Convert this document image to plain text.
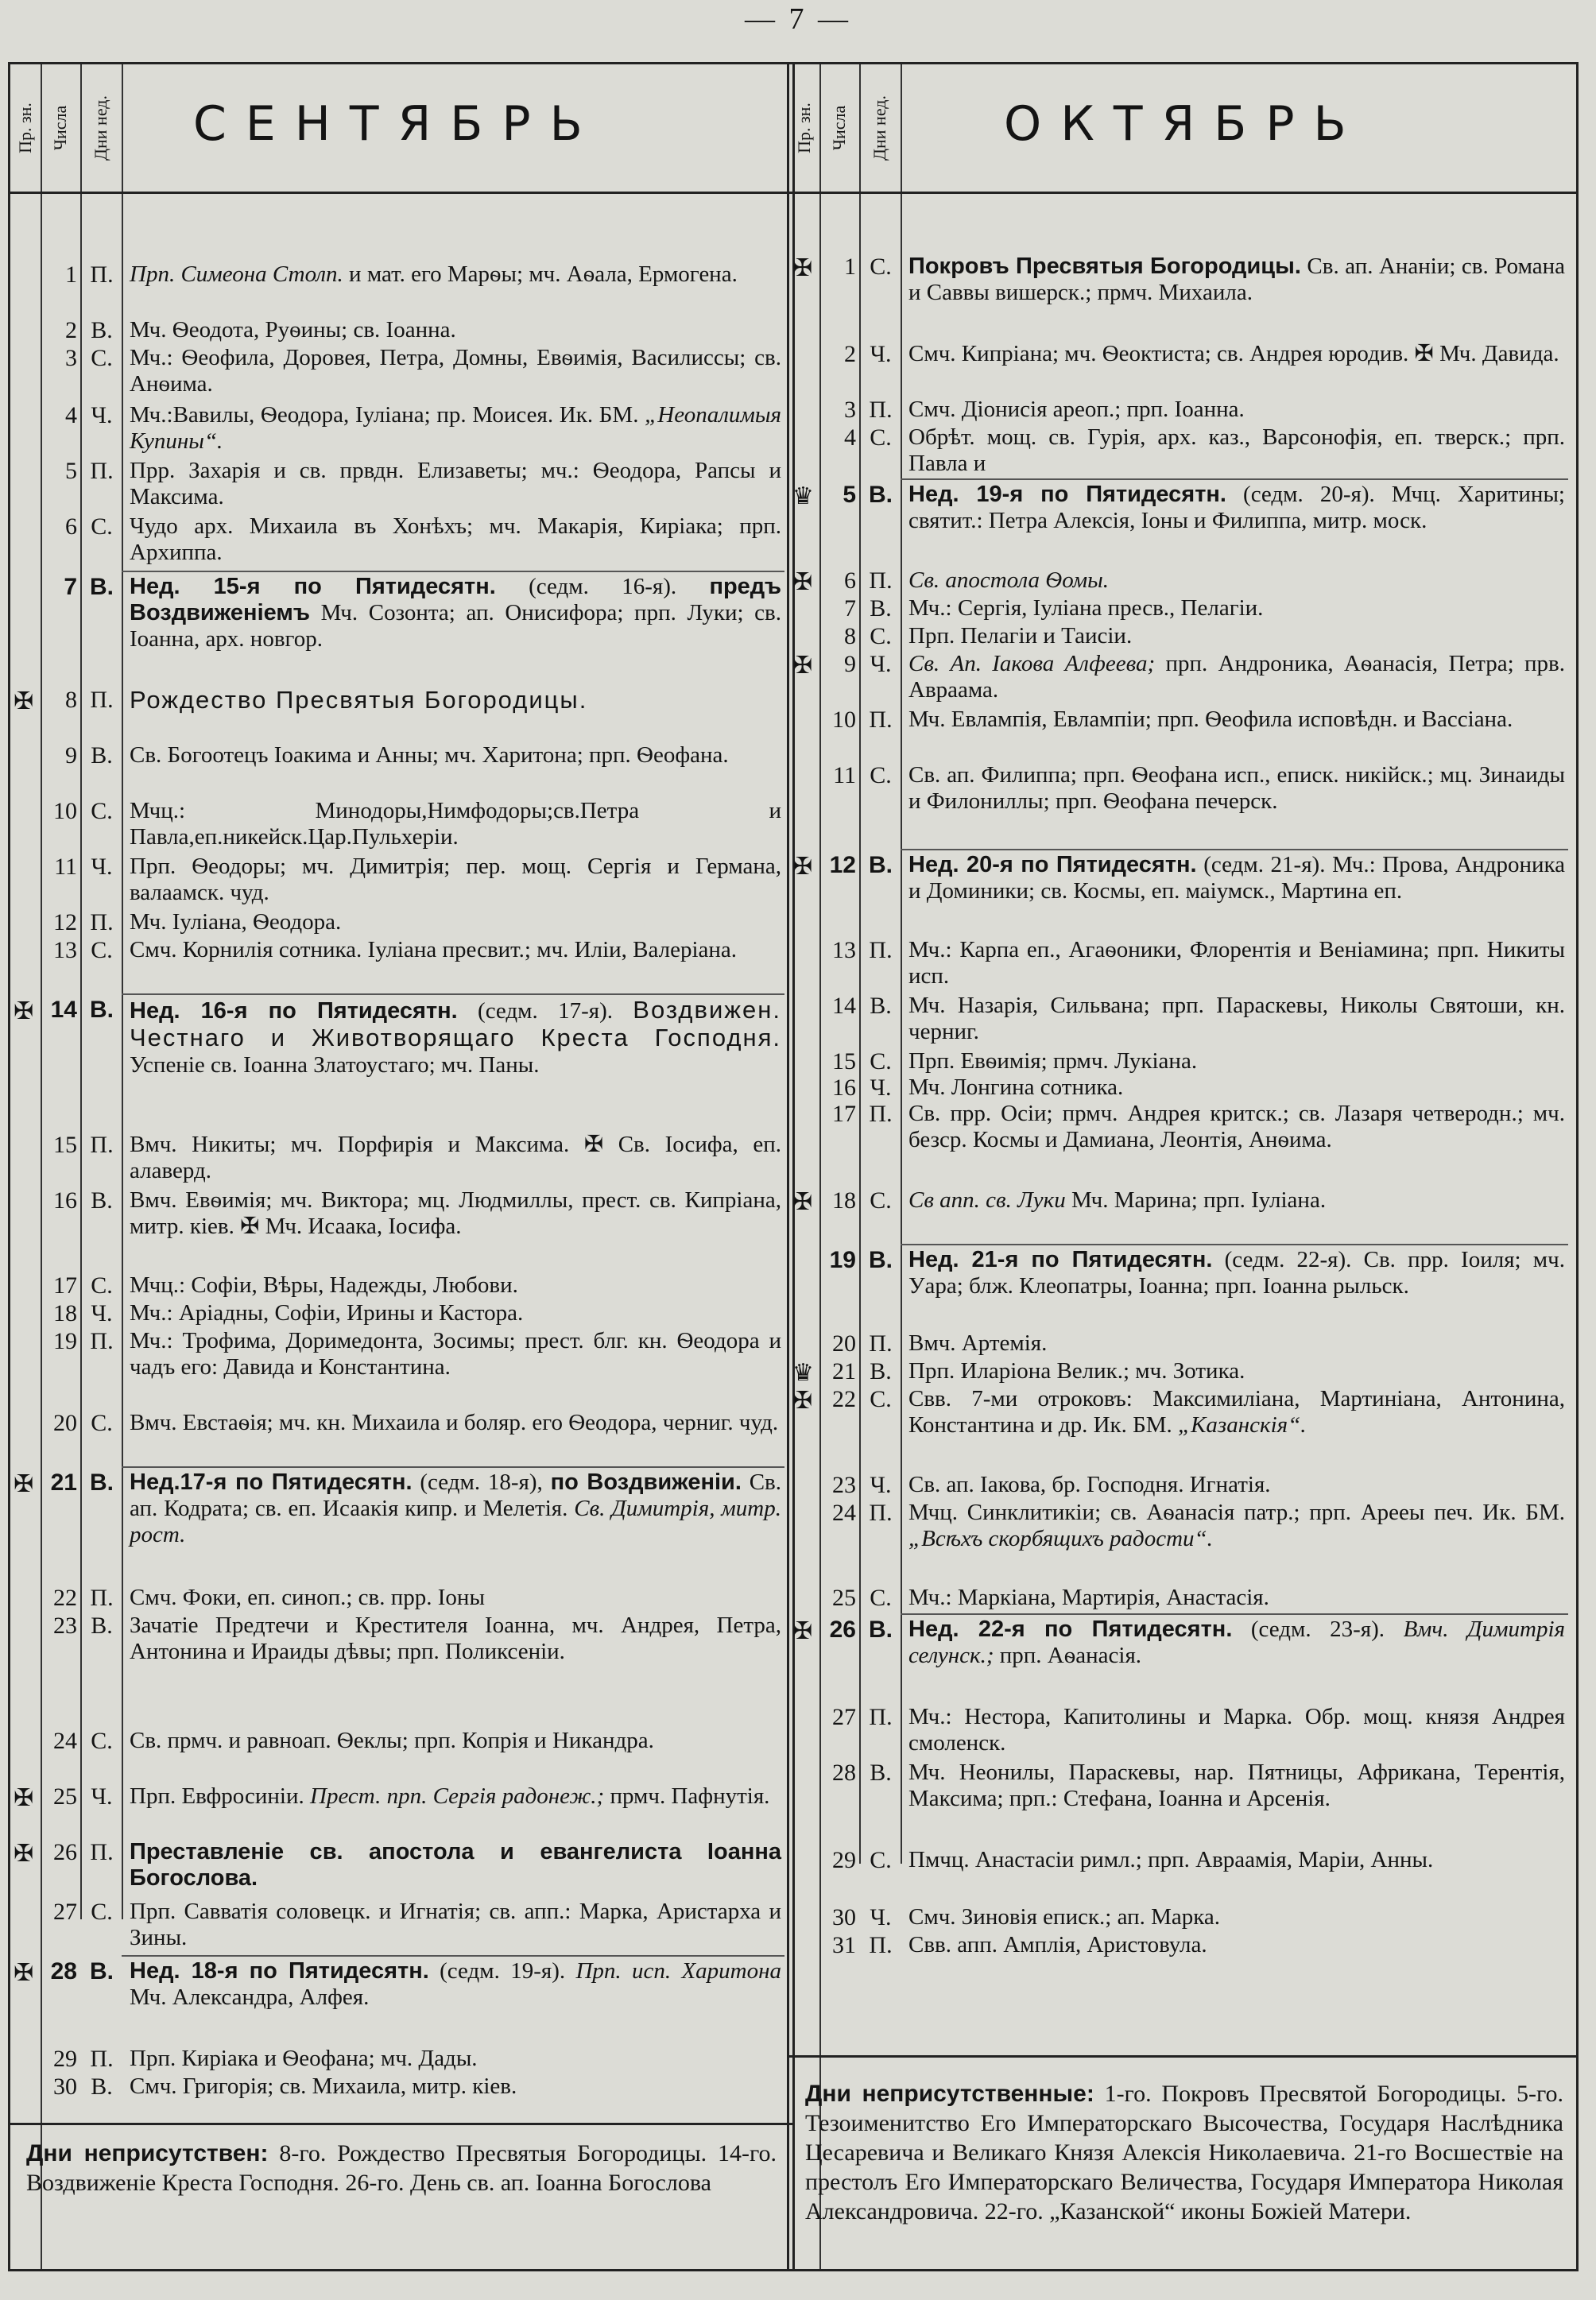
— 7 —
Пр. зн. Числа Дни нед. СЕНТЯБРЬ
1 П. Прп. Симеона Столп. и мат. его Марѳы; мч. Аѳала, Ермогена.
2 В. Мч. Ѳеодота, Руѳины; св. Іоанна.
3 С. Мч.: Ѳеофила, Доровея, Петра, Домны, Евѳимія, Василиссы; св. Анѳима.
4 Ч. Мч.:Вавилы, Ѳеодора, Іуліана; пр. Моисея. Ик. БМ. „Неопалимыя Купины“.
5 П. Прр. Захарія и св. првдн. Елизаветы; мч.: Ѳеодора, Рапсы и Максима.
6 С. Чудо арх. Михаила въ Хонѣхъ; мч. Макарія, Киріака; прп. Архиппа.
7 В. Нед. 15-я по Пятидесятн. (седм. 16-я). предъ Воздвиженіемъ Мч. Созонта; ап. Онисифора; прп. Луки; св. Іоанна, арх. новгор.
✠	8 П. Рождество Пресвятыя Богородицы.
9 В. Св. Богоотецъ Іоакима и Анны; мч. Харитона; прп. Ѳеофана.
10 С. Мчц.: Минодоры,Нимфодоры;св.Петра и Павла,еп.никейск.Цар.Пульхеріи.
11 Ч. Прп. Ѳеодоры; мч. Димитрія; пер. мощ. Сергія и Германа, валаамск. чуд.
12 П. Мч. Іуліана, Ѳеодора.
13 С. Смч. Корнилія сотника. Іуліана пресвит.; мч. Иліи, Валеріана.
✠ 14 В. Нед. 16-я по Пятидесятн. (седм. 17-я). Воздвижен. Честнаго и Животворящаго Креста Господня. Успеніе св. Іоанна Златоустаго; мч. Паны.
15 П. Вмч. Никиты; мч. Порфирія и Максима. ✠ Св. Іосифа, еп. алаверд.
16 В. Вмч. Евѳимія; мч. Виктора; мц. Людмиллы, прест. св. Кипріана, митр. кіев. ✠ Мч. Исаака, Іосифа.
17 С. Мчц.: Софіи, Вѣры, Надежды, Любови.
18 Ч. Мч.: Аріадны, Софіи, Ирины и Кастора.
19 П. Мч.: Трофима, Доримедонта, Зосимы; прест. блг. кн. Ѳеодора и чадъ его: Давида и Константина.
20 С. Вмч. Евстаѳія; мч. кн. Михаила и боляр. его Ѳеодора, черниг. чуд.
✠ 21 В. Нед.17-я по Пятидесятн. (седм. 18-я), по Воздвиженіи. Св. ап. Кодрата; св. еп. Исаакія кипр. и Мелетія. Св. Димитрія, митр. рост.
22 П. Смч. Фоки, еп. синоп.; св. прр. Іоны
23 В. Зачатіе Предтечи и Крестителя Іоанна, мч. Андрея, Петра, Антонина и Ираиды дѣвы; прп. Поликсеніи.
24 С. Св. прмч. и равноап. Ѳеклы; прп. Копрія и Никандра.
✠ 25 Ч. Прп. Евфросиніи. Прест. прп. Сергія радонеж.; прмч. Пафнутія.
✠ 26 П. Преставленіе св. апостола и евангелиста Іоанна Богослова.
27 С. Прп. Савватія соловецк. и Игнатія; св. апп.: Марка, Аристарха и Зины.
✠ 28 В. Нед. 18-я по Пятидесятн. (седм. 19-я). Прп. исп. Харитона Мч. Александра, Алфея.
29 П. Прп. Киріака и Ѳеофана; мч. Дады.
30 В. Смч. Григорія; св. Михаила, митр. кіев.
Дни неприсутствен: 8-го. Рождество Пресвятыя Богородицы. 14-го. Воздвиженіе Креста Господня. 26-го. День св. ап. Іоанна Богослова
Пр. зн. Числа Дни нед. ОКТЯБРЬ
✠	1 С. Покровъ Пресвятыя Богородицы. Св. ап. Ананіи; св. Романа и Саввы вишерск.; прмч. Михаила.
2 Ч. Смч. Кипріана; мч. Ѳеоктиста; св. Андрея юродив. ✠ Мч. Давида.
3 П. Смч. Діонисія ареоп.; прп. Іоанна.
4 С. Обрѣт. мощ. св. Гурія, арх. каз., Варсонофія, еп. тверск.; прп. Павла и
♛	5 В. Нед. 19-я по Пятидесятн. (седм. 20-я). Мчц. Харитины; святит.: Петра Алексія, Іоны и Филиппа, митр. моск.
✠	6 П. Св. апостола Ѳомы.
7 В. Мч.: Сергія, Іуліана пресв., Пелагіи.
8 С. Прп. Пелагіи и Таисіи.
✠	9 Ч. Св. Ап. Іакова Алфеева; прп. Андроника, Аѳанасія, Петра; прв. Авраама.
10 П. Мч. Евлампія, Евлампіи; прп. Ѳеофила исповѣдн. и Вассіана.
11 С. Св. ап. Филиппа; прп. Ѳеофана исп., еписк. никійск.; мц. Зинаиды и Филониллы; прп. Ѳеофана печерск.
✠ 12 В. Нед. 20-я по Пятидесятн. (седм. 21-я). Мч.: Прова, Андроника и Доминики; св. Космы, еп. маіумск., Мартина еп.
13 П. Мч.: Карпа еп., Агаѳоники, Флорентія и Веніамина; прп. Никиты исп.
14 В. Мч. Назарія, Сильвана; прп. Параскевы, Николы Святоши, кн. черниг.
15 С. Прп. Евѳимія; прмч. Лукіана.
16 Ч. Мч. Лонгина сотника.
17 П. Св. прр. Осіи; прмч. Андрея критск.; св. Лазаря четверодн.; мч. безср. Космы и Дамиана, Леонтія, Анѳима.
✠ 18 С. Св апп. св. Луки Мч. Марина; прп. Іуліана.
19 В. Нед. 21-я по Пятидесятн. (седм. 22-я). Св. прр. Іоиля; мч. Уара; блж. Клеопатры, Іоанна; прп. Іоанна рыльск.
20 П. Вмч. Артемія.
♛ 21 В. Прп. Иларіона Велик.; мч. Зотика.
✠ 22 С. Свв. 7-ми отроковъ: Максимиліана, Мартиніана, Антонина, Константина и др. Ик. БМ. „Казанскія“.
23 Ч. Св. ап. Іакова, бр. Господня. Игнатія.
24 П. Мчц. Синклитикіи; св. Аѳанасія патр.; прп. Арееы печ. Ик. БМ. „Всѣхъ скорбящихъ радости“.
25 С. Мч.: Маркіана, Мартирія, Анастасія.
✠ 26 В. Нед. 22-я по Пятидесятн. (седм. 23-я). Вмч. Димитрія селунск.; прп. Аѳанасія.
27 П. Мч.: Нестора, Капитолины и Марка. Обр. мощ. князя Андрея смоленск.
28 В. Мч. Неонилы, Параскевы, нар. Пятницы, Африкана, Терентія, Максима; прп.: Стефана, Іоанна и Арсенія.
29 С. Пмчц. Анастасіи римл.; прп. Авраамія, Маріи, Анны.
30 Ч. Смч. Зиновія еписк.; ап. Марка.
31 П. Свв. апп. Амплія, Аристовула.
Дни неприсутственные: 1-го. Покровъ Пресвятой Богородицы. 5-го. Тезоименитство Его Императорскаго Высочества, Государя Наслѣдника Цесаревича и Великаго Князя Алексія Николаевича. 21-го Восшествіе на престолъ Его Императорскаго Величества, Государя Императора Николая Александровича. 22-го. „Казанской“ иконы Божіей Матери.
